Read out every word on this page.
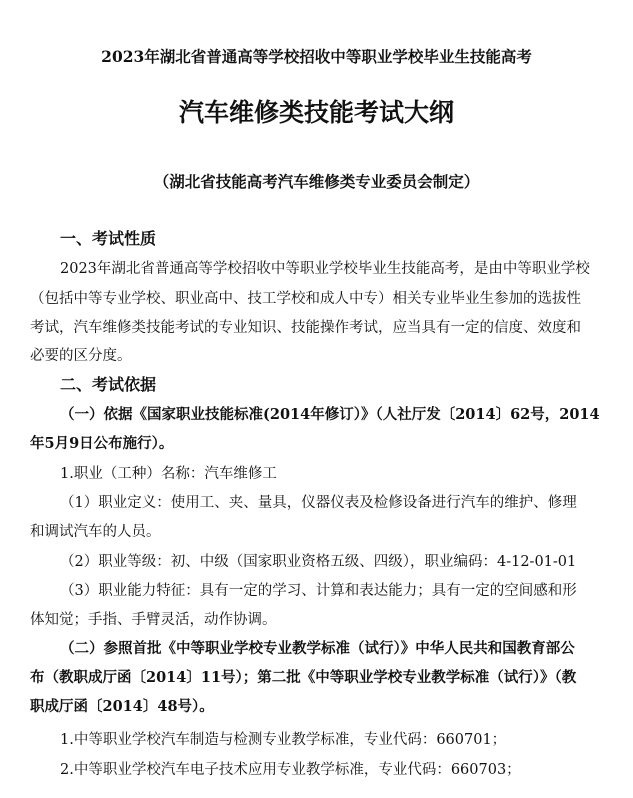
2023年湖北省普通高等学校招收中等职业学校毕业生技能高考
汽车维修类技能考试大纲
（湖北省技能高考汽车维修类专业委员会制定）
一、考试性质
2023年湖北省普通高等学校招收中等职业学校毕业生技能高考，是由中等职业学校
（包括中等专业学校、职业高中、技工学校和成人中专）相关专业毕业生参加的选拔性
考试，汽车维修类技能考试的专业知识、技能操作考试，应当具有一定的信度、效度和
必要的区分度。
二、考试依据
（一）依据《国家职业技能标准(2014年修订）》（人社厅发〔2014〕62号，2014
年5月9日公布施行）。
1.职业（工种）名称：汽车维修工
（1）职业定义：使用工、夹、量具，仪器仪表及检修设备进行汽车的维护、修理
和调试汽车的人员。
（2）职业等级：初、中级（国家职业资格五级、四级），职业编码：4-12-01-01
（3）职业能力特征：具有一定的学习、计算和表达能力；具有一定的空间感和形
体知觉；手指、手臂灵活，动作协调。
（二）参照首批《中等职业学校专业教学标准（试行）》中华人民共和国教育部公
布（教职成厅函〔2014〕11号）；第二批《中等职业学校专业教学标准（试行）》（教
职成厅函〔2014〕48号）。
1.中等职业学校汽车制造与检测专业教学标准，专业代码：660701；
2.中等职业学校汽车电子技术应用专业教学标准，专业代码：660703；
